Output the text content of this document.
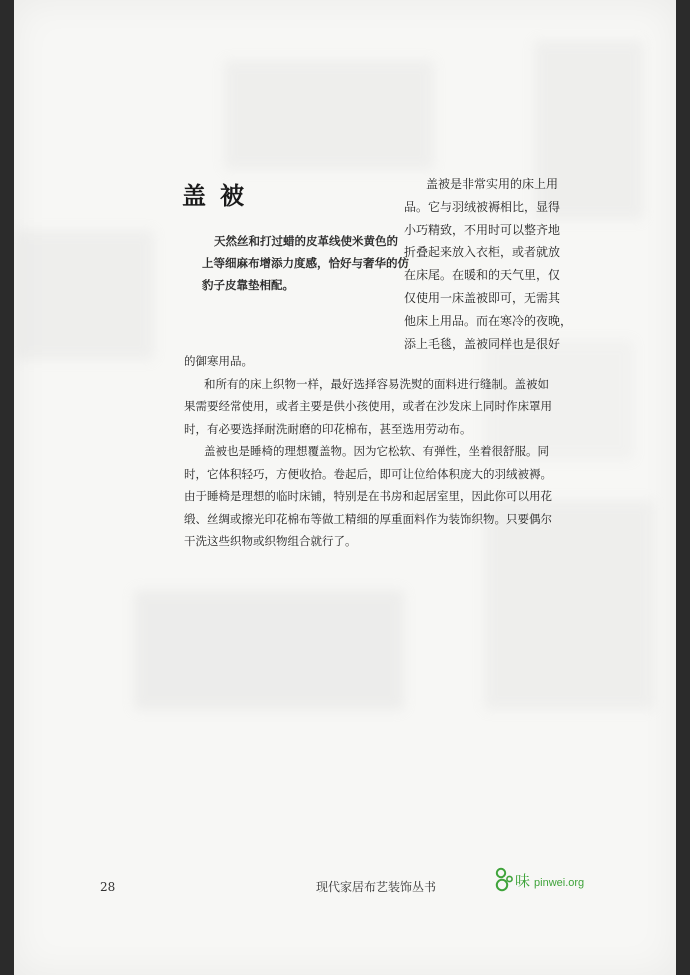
盖被

天然丝和打过蜡的皮革线使米黄色的
上等细麻布增添力度感，恰好与奢华的仿
豹子皮靠垫相配。

盖被是非常实用的床上用
品。它与羽绒被褥相比，显得
小巧精致，不用时可以整齐地
折叠起来放入衣柜，或者就放
在床尾。在暖和的天气里，仅
仅使用一床盖被即可，无需其
他床上用品。而在寒冷的夜晚，
添上毛毯，盖被同样也是很好

的御寒用品。
和所有的床上织物一样，最好选择容易洗熨的面料进行缝制。盖被如
果需要经常使用，或者主要是供小孩使用，或者在沙发床上同时作床罩用
时，有必要选择耐洗耐磨的印花棉布，甚至选用劳动布。
盖被也是睡椅的理想覆盖物。因为它松软、有弹性，坐着很舒服。同
时，它体积轻巧，方便收拾。卷起后，即可让位给体积庞大的羽绒被褥。
由于睡椅是理想的临时床铺，特别是在书房和起居室里，因此你可以用花
缎、丝绸或擦光印花棉布等做工精细的厚重面料作为装饰织物。只要偶尔
干洗这些织物或织物组合就行了。

28	现代家居布艺装饰丛书	味 pinwei.org
